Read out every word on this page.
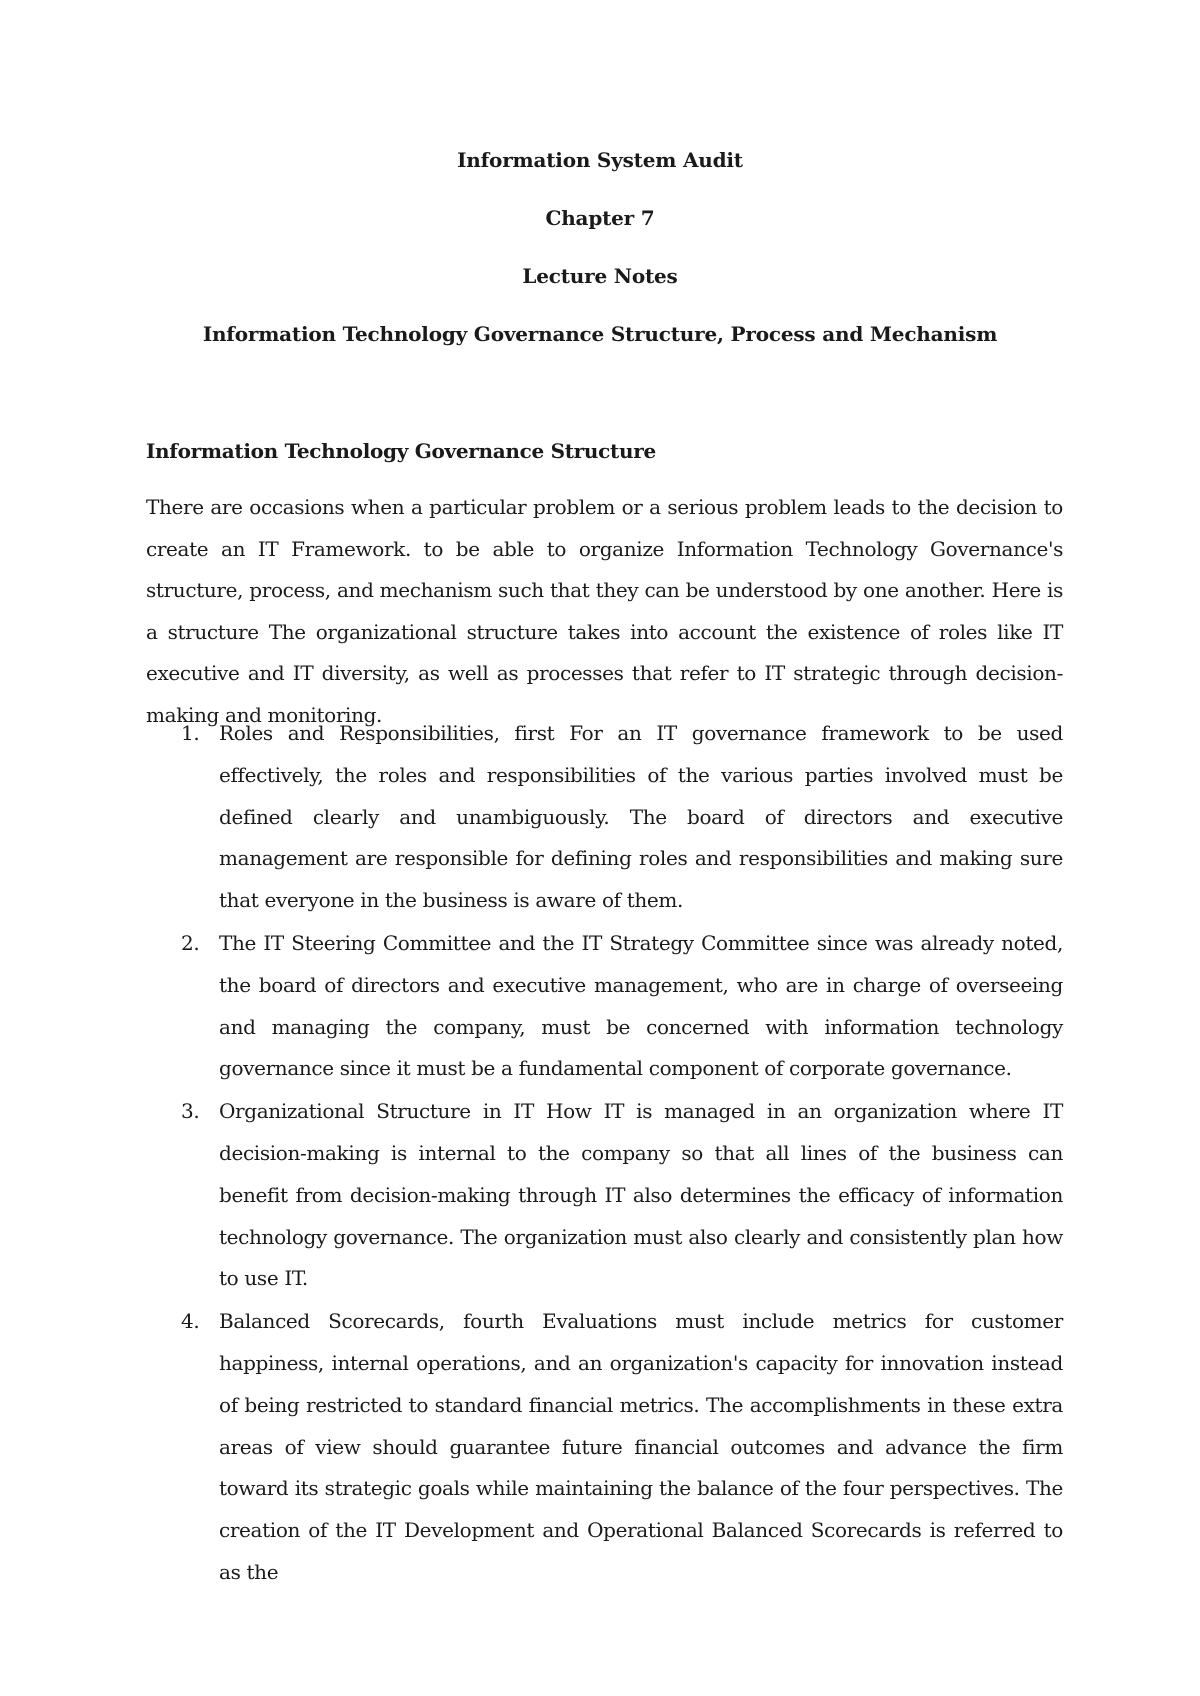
Information System Audit
Chapter 7
Lecture Notes
Information Technology Governance Structure, Process and Mechanism
Information Technology Governance Structure

There are occasions when a particular problem or a serious problem leads to the decision to create an IT Framework. to be able to organize Information Technology Governance's structure, process, and mechanism such that they can be understood by one another. Here is a structure The organizational structure takes into account the existence of roles like IT executive and IT diversity, as well as processes that refer to IT strategic through decision-making and monitoring.

1. Roles and Responsibilities, first For an IT governance framework to be used effectively, the roles and responsibilities of the various parties involved must be defined clearly and unambiguously. The board of directors and executive management are responsible for defining roles and responsibilities and making sure that everyone in the business is aware of them.
2. The IT Steering Committee and the IT Strategy Committee since was already noted, the board of directors and executive management, who are in charge of overseeing and managing the company, must be concerned with information technology governance since it must be a fundamental component of corporate governance.
3. Organizational Structure in IT How IT is managed in an organization where IT decision-making is internal to the company so that all lines of the business can benefit from decision-making through IT also determines the efficacy of information technology governance. The organization must also clearly and consistently plan how to use IT.
4. Balanced Scorecards, fourth Evaluations must include metrics for customer happiness, internal operations, and an organization's capacity for innovation instead of being restricted to standard financial metrics. The accomplishments in these extra areas of view should guarantee future financial outcomes and advance the firm toward its strategic goals while maintaining the balance of the four perspectives. The creation of the IT Development and Operational Balanced Scorecards is referred to as the
